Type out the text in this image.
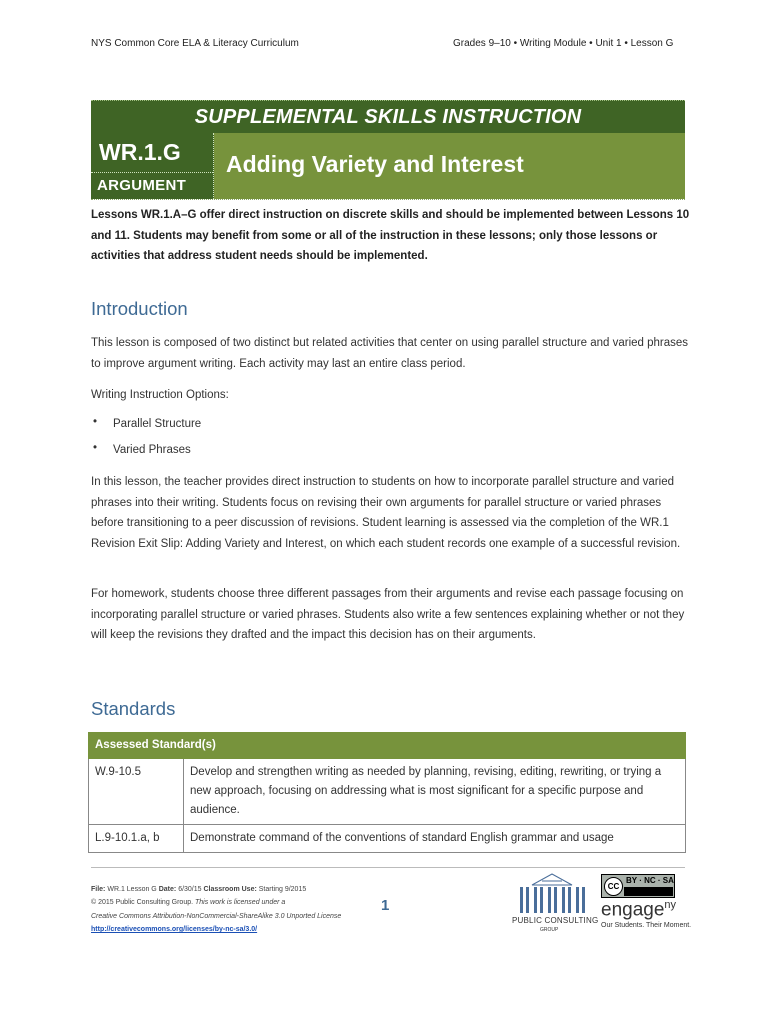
NYS Common Core ELA & Literacy Curriculum	Grades 9–10 • Writing Module • Unit 1 • Lesson G
SUPPLEMENTAL SKILLS INSTRUCTION
WR.1.G
ARGUMENT
Adding Variety and Interest
Lessons WR.1.A–G offer direct instruction on discrete skills and should be implemented between Lessons 10 and 11. Students may benefit from some or all of the instruction in these lessons; only those lessons or activities that address student needs should be implemented.
Introduction
This lesson is composed of two distinct but related activities that center on using parallel structure and varied phrases to improve argument writing. Each activity may last an entire class period.
Writing Instruction Options:
• Parallel Structure
• Varied Phrases
In this lesson, the teacher provides direct instruction to students on how to incorporate parallel structure and varied phrases into their writing. Students focus on revising their own arguments for parallel structure or varied phrases before transitioning to a peer discussion of revisions. Student learning is assessed via the completion of the WR.1 Revision Exit Slip: Adding Variety and Interest, on which each student records one example of a successful revision.
For homework, students choose three different passages from their arguments and revise each passage focusing on incorporating parallel structure or varied phrases. Students also write a few sentences explaining whether or not they will keep the revisions they drafted and the impact this decision has on their arguments.
Standards
Assessed Standard(s)	
W.9-10.5	Develop and strengthen writing as needed by planning, revising, editing, rewriting, or trying a new approach, focusing on addressing what is most significant for a specific purpose and audience.
L.9-10.1.a, b	Demonstrate command of the conventions of standard English grammar and usage
File: WR.1 Lesson G Date: 6/30/15 Classroom Use: Starting 9/2015
© 2015 Public Consulting Group. This work is licensed under a
Creative Commons Attribution-NonCommercial-ShareAlike 3.0 Unported License
http://creativecommons.org/licenses/by-nc-sa/3.0/
1
PUBLIC CONSULTING
GROUP
CC
BY · NC · SA
engage$^{ny}$
Our Students. Their Moment.
